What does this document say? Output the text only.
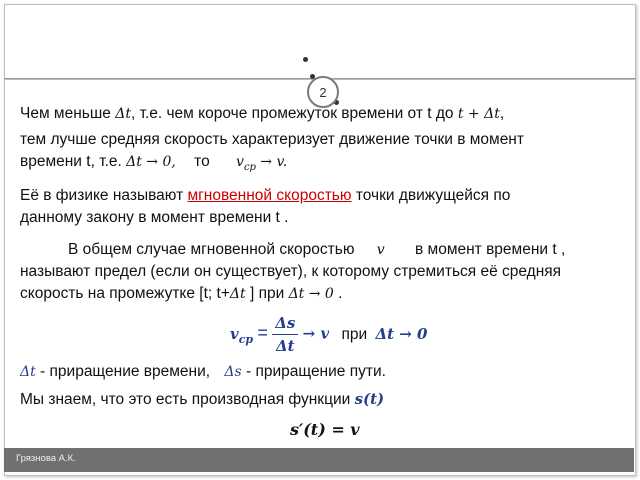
2
Чем меньше Δt, т.е. чем короче промежуток времени от t до t + Δt,
тем лучше средняя скорость характеризует движение точки в момент
времени t, т.е. Δt → 0, то $v_{ср} \to v$.
Её в физике называют мгновенной скоростью точки движущейся по
данному закону в момент времени t .
В общем случае мгновенной скоростью v в момент времени t ,
называют предел (если он существует), к которому стремиться её средняя
скорость на промежутке [t; t+Δt ] при Δt → 0 .
$v_{ср} = \frac{\Delta s}{\Delta t} \to v$ при Δt → 0
Δt - приращение времени, Δs - приращение пути.
Мы знаем, что это есть производная функции s(t)
s′(t) = v
Грязнова А.К.
